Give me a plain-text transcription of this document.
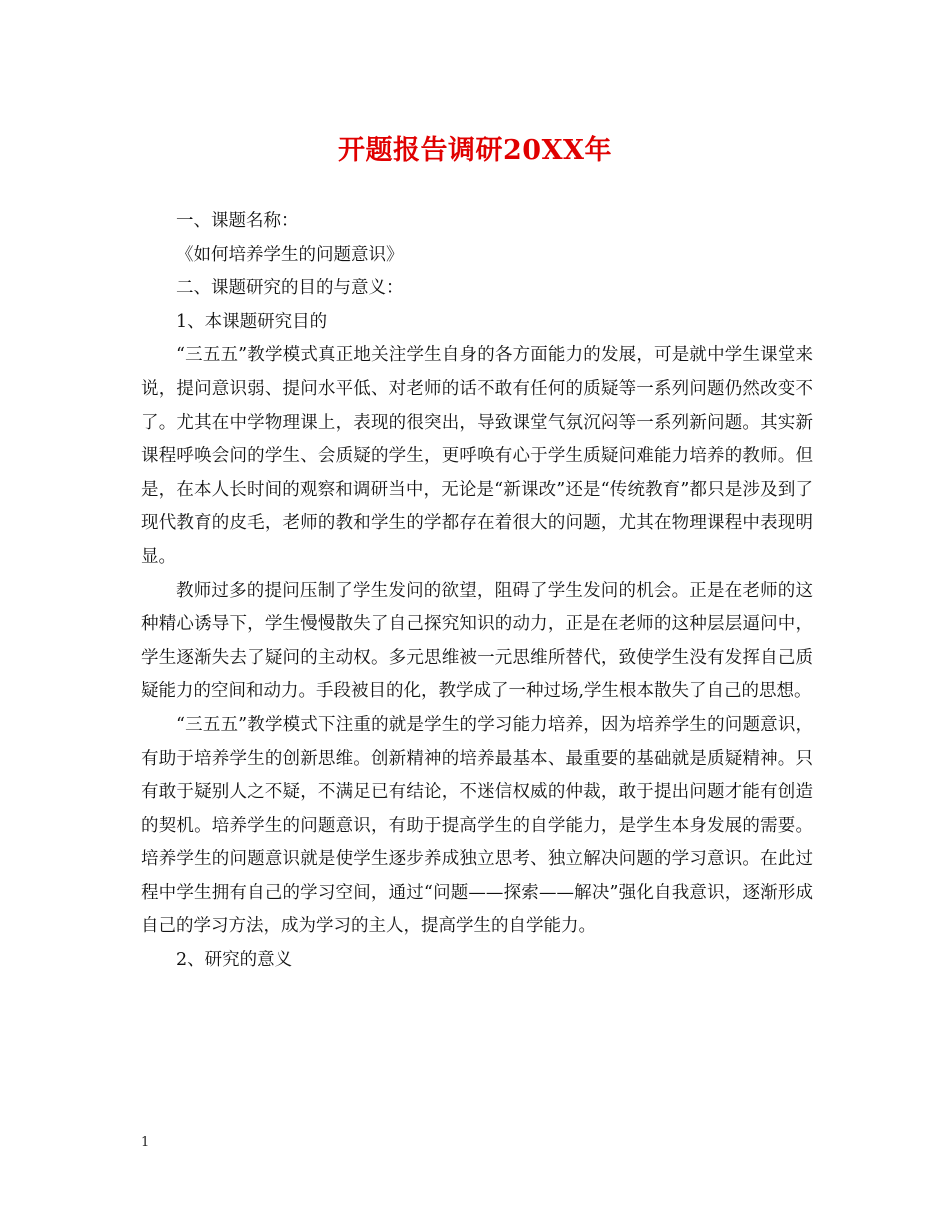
开题报告调研20XX年

一、课题名称：

《如何培养学生的问题意识》

二、课题研究的目的与意义：

1、本课题研究目的

“三五五”教学模式真正地关注学生自身的各方面能力的发展，可是就中学生课堂来说，提问意识弱、提问水平低、对老师的话不敢有任何的质疑等一系列问题仍然改变不了。尤其在中学物理课上，表现的很突出，导致课堂气氛沉闷等一系列新问题。其实新课程呼唤会问的学生、会质疑的学生，更呼唤有心于学生质疑问难能力培养的教师。但是，在本人长时间的观察和调研当中，无论是“新课改”还是“传统教育”都只是涉及到了现代教育的皮毛，老师的教和学生的学都存在着很大的问题，尤其在物理课程中表现明显。

教师过多的提问压制了学生发问的欲望，阻碍了学生发问的机会。正是在老师的这种精心诱导下，学生慢慢散失了自己探究知识的动力，正是在老师的这种层层逼问中，学生逐渐失去了疑问的主动权。多元思维被一元思维所替代，致使学生没有发挥自己质疑能力的空间和动力。手段被目的化，教学成了一种过场,学生根本散失了自己的思想。

“三五五”教学模式下注重的就是学生的学习能力培养，因为培养学生的问题意识，有助于培养学生的创新思维。创新精神的培养最基本、最重要的基础就是质疑精神。只有敢于疑别人之不疑，不满足已有结论，不迷信权威的仲裁，敢于提出问题才能有创造的契机。培养学生的问题意识，有助于提高学生的自学能力，是学生本身发展的需要。培养学生的问题意识就是使学生逐步养成独立思考、独立解决问题的学习意识。在此过程中学生拥有自己的学习空间，通过“问题——探索——解决”强化自我意识，逐渐形成自己的学习方法，成为学习的主人，提高学生的自学能力。

2、研究的意义

1
